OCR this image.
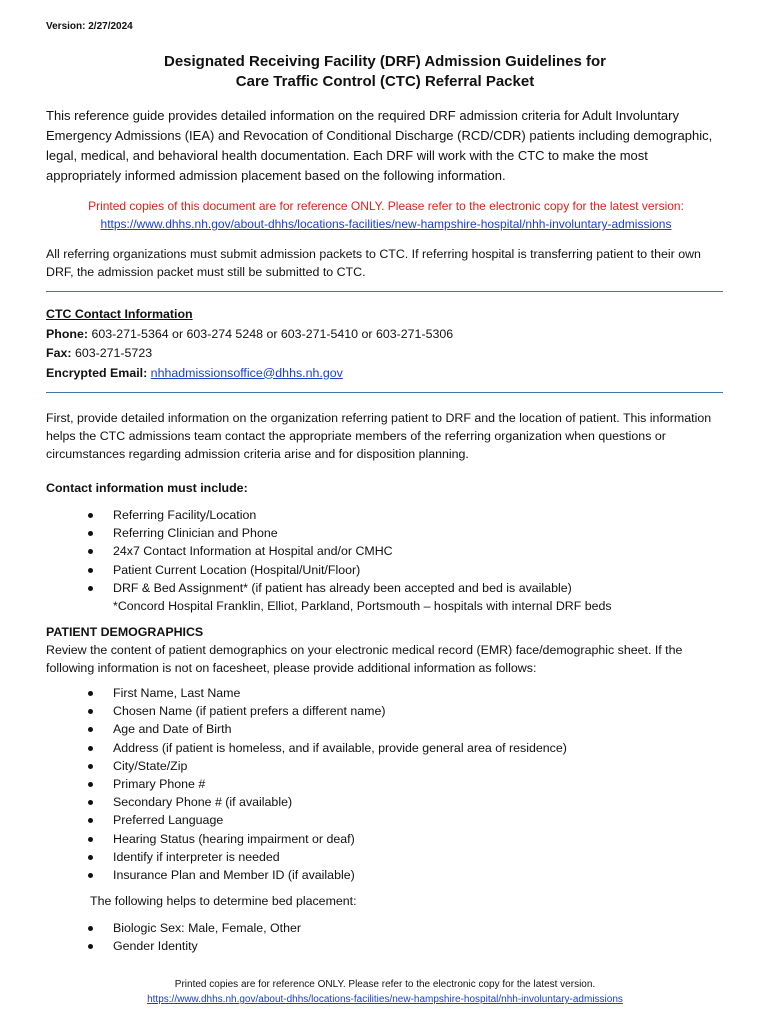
Version: 2/27/2024
Designated Receiving Facility (DRF) Admission Guidelines for
Care Traffic Control (CTC) Referral Packet
This reference guide provides detailed information on the required DRF admission criteria for Adult Involuntary Emergency Admissions (IEA) and Revocation of Conditional Discharge (RCD/CDR) patients including demographic, legal, medical, and behavioral health documentation. Each DRF will work with the CTC to make the most appropriately informed admission placement based on the following information.
Printed copies of this document are for reference ONLY. Please refer to the electronic copy for the latest version:
https://www.dhhs.nh.gov/about-dhhs/locations-facilities/new-hampshire-hospital/nhh-involuntary-admissions
All referring organizations must submit admission packets to CTC. If referring hospital is transferring patient to their own DRF, the admission packet must still be submitted to CTC.
CTC Contact Information
Phone: 603-271-5364 or 603-274 5248 or 603-271-5410 or 603-271-5306
Fax: 603-271-5723
Encrypted Email: nhhadmissionsoffice@dhhs.nh.gov
First, provide detailed information on the organization referring patient to DRF and the location of patient. This information helps the CTC admissions team contact the appropriate members of the referring organization when questions or circumstances regarding admission criteria arise and for disposition planning.
Contact information must include:
Referring Facility/Location
Referring Clinician and Phone
24x7 Contact Information at Hospital and/or CMHC
Patient Current Location (Hospital/Unit/Floor)
DRF & Bed Assignment* (if patient has already been accepted and bed is available)
*Concord Hospital Franklin, Elliot, Parkland, Portsmouth – hospitals with internal DRF beds
PATIENT DEMOGRAPHICS
Review the content of patient demographics on your electronic medical record (EMR) face/demographic sheet. If the following information is not on facesheet, please provide additional information as follows:
First Name, Last Name
Chosen Name (if patient prefers a different name)
Age and Date of Birth
Address (if patient is homeless, and if available, provide general area of residence)
City/State/Zip
Primary Phone #
Secondary Phone # (if available)
Preferred Language
Hearing Status (hearing impairment or deaf)
Identify if interpreter is needed
Insurance Plan and Member ID (if available)
The following helps to determine bed placement:
Biologic Sex: Male, Female, Other
Gender Identity
Printed copies are for reference ONLY. Please refer to the electronic copy for the latest version.
https://www.dhhs.nh.gov/about-dhhs/locations-facilities/new-hampshire-hospital/nhh-involuntary-admissions
